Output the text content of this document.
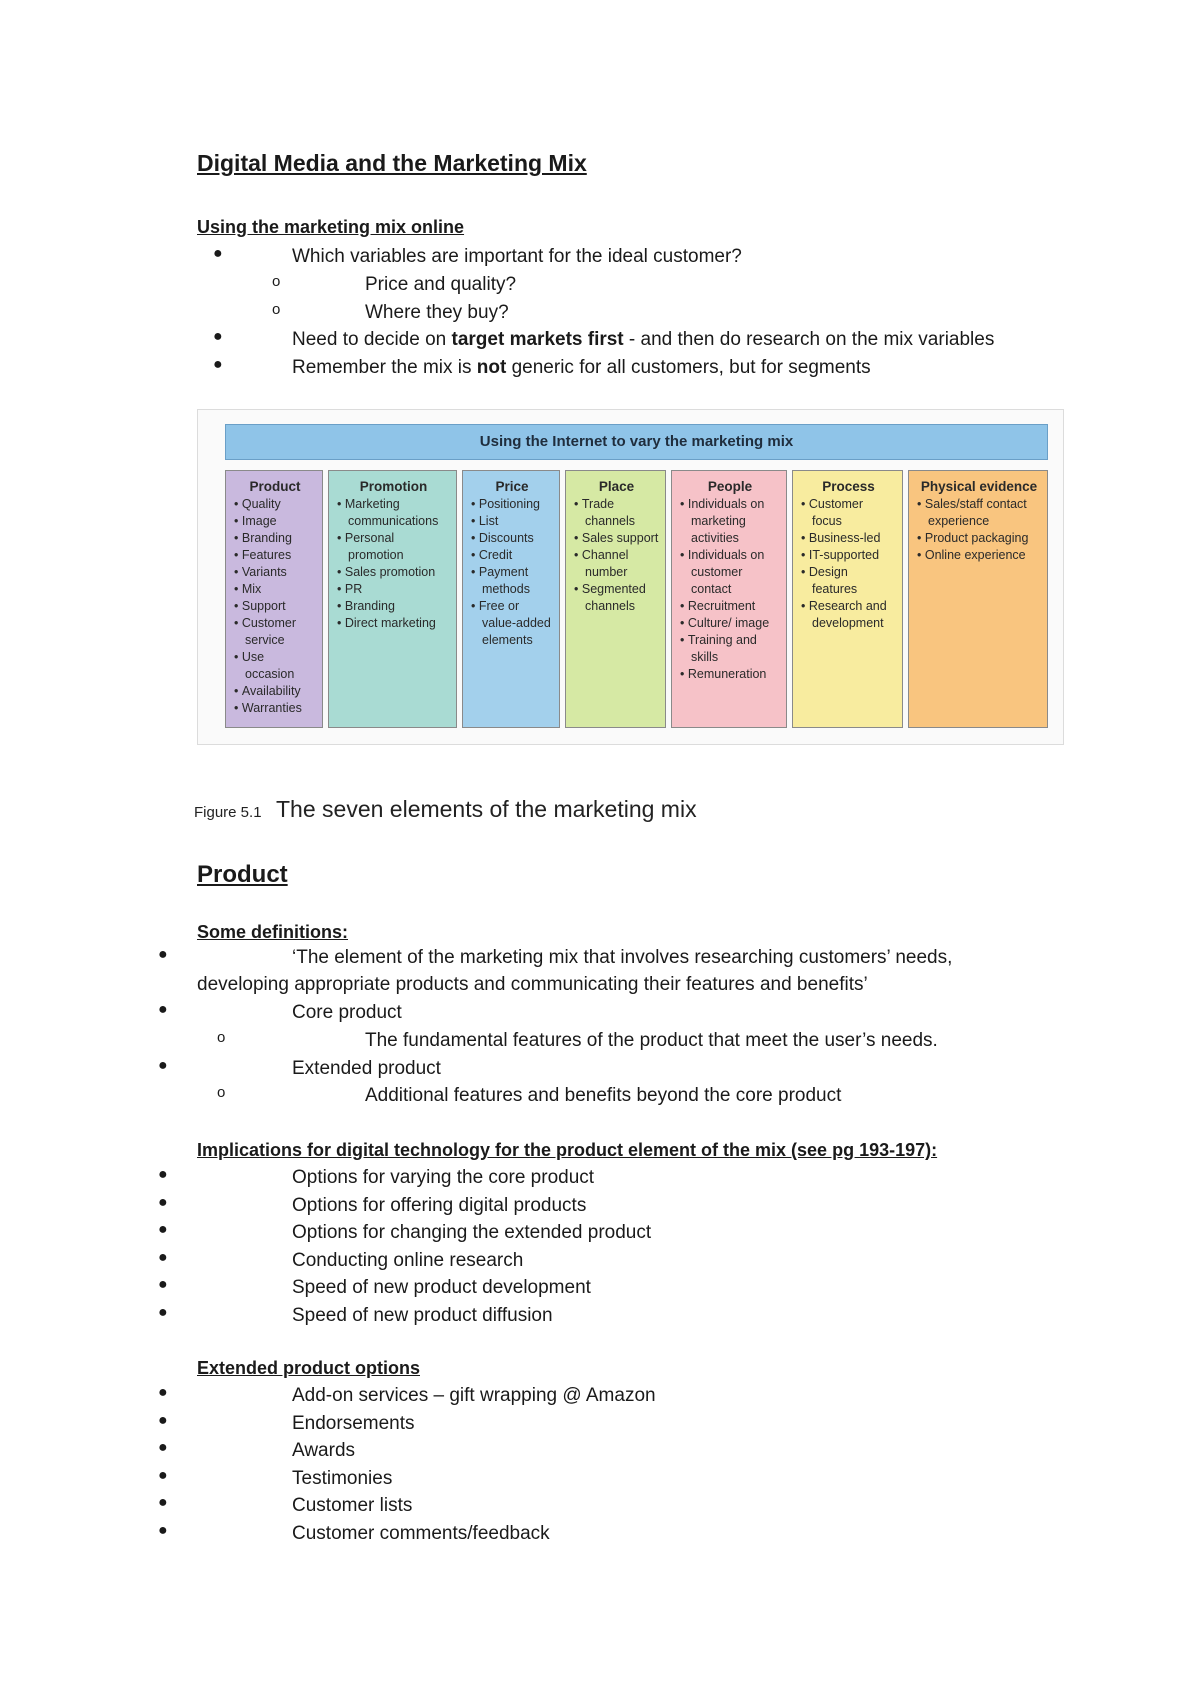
Digital Media and the Marketing Mix
Using the marketing mix online
●	Which variables are important for the ideal customer?
o	Price and quality?
o	Where they buy?
●	Need to decide on target markets first - and then do research on the mix variables
●	Remember the mix is not generic for all customers, but for segments
Using the Internet to vary the marketing mix
Product
• Quality
• Image
• Branding
• Features
• Variants
• Mix
• Support
• Customer service
• Use occasion
• Availability
• Warranties
Promotion
• Marketing communications
• Personal promotion
• Sales promotion
• PR
• Branding
• Direct marketing
Price
• Positioning
• List
• Discounts
• Credit
• Payment methods
• Free or value-added elements
Place
• Trade channels
• Sales support
• Channel number
• Segmented channels
People
• Individuals on marketing activities
• Individuals on customer contact
• Recruitment
• Culture/ image
• Training and skills
• Remuneration
Process
• Customer focus
• Business-led
• IT-supported
• Design features
• Research and development
Physical evidence
• Sales/staff contact experience
• Product packaging
• Online experience
Figure 5.1 The seven elements of the marketing mix
Product
Some definitions:
●	‘The element of the marketing mix that involves researching customers’ needs,
developing appropriate products and communicating their features and benefits’
●	Core product
o	The fundamental features of the product that meet the user’s needs.
●	Extended product
o	Additional features and benefits beyond the core product
Implications for digital technology for the product element of the mix (see pg 193-197):
●	Options for varying the core product
●	Options for offering digital products
●	Options for changing the extended product
●	Conducting online research
●	Speed of new product development
●	Speed of new product diffusion
Extended product options
●	Add-on services – gift wrapping @ Amazon
●	Endorsements
●	Awards
●	Testimonies
●	Customer lists
●	Customer comments/feedback
